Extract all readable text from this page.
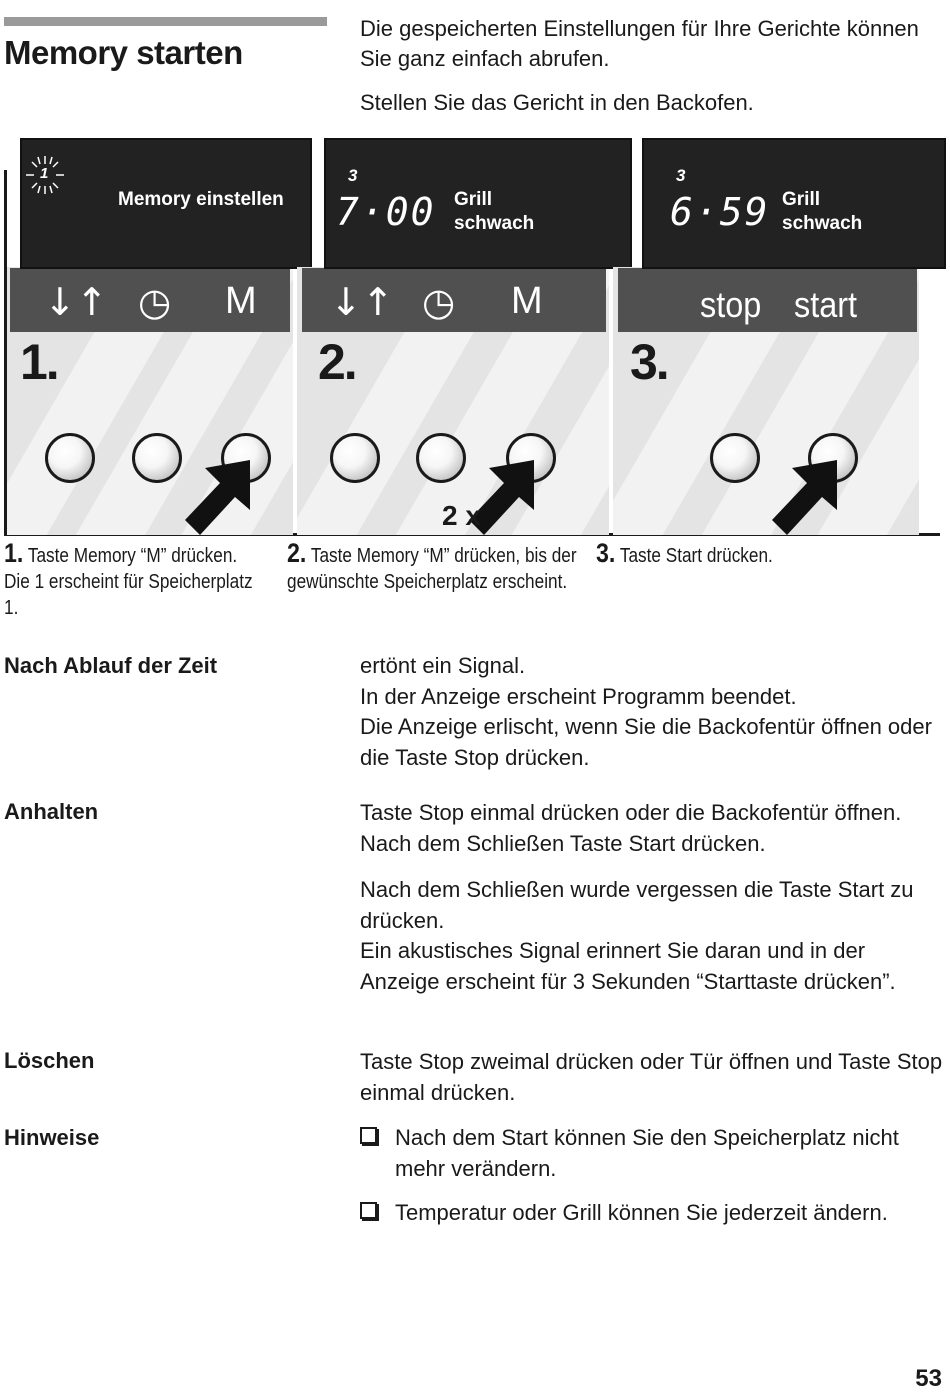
Memory starten
Die gespeicherten Einstellungen für Ihre Gerichte können Sie ganz einfach abrufen.
Stellen Sie das Gericht in den Backofen.
↓↑ ◷ M
1.
1
Memory einstellen
↓↑ ◷ M
2.
2 x
3
7·00 Grill
schwach
stop start
3.
3
6·59 Grill
schwach
1. Taste Memory “M” drücken. Die 1 erscheint für Speicherplatz 1.
2. Taste Memory “M” drücken, bis der gewünschte Speicherplatz erscheint.
3. Taste Start drücken.
Nach Ablauf der Zeit	ertönt ein Signal.
In der Anzeige erscheint Programm beendet.
Die Anzeige erlischt, wenn Sie die Backofentür öffnen oder die Taste Stop drücken.
Anhalten	Taste Stop einmal drücken oder die Backofentür öffnen. Nach dem Schließen Taste Start drücken.
Nach dem Schließen wurde vergessen die Taste Start zu drücken.
Ein akustisches Signal erinnert Sie daran und in der Anzeige erscheint für 3 Sekunden “Starttaste drücken”.
Löschen	Taste Stop zweimal drücken oder Tür öffnen und Taste Stop einmal drücken.
Hinweise	Nach dem Start können Sie den Speicherplatz nicht mehr verändern.
Temperatur oder Grill können Sie jederzeit ändern.
53
